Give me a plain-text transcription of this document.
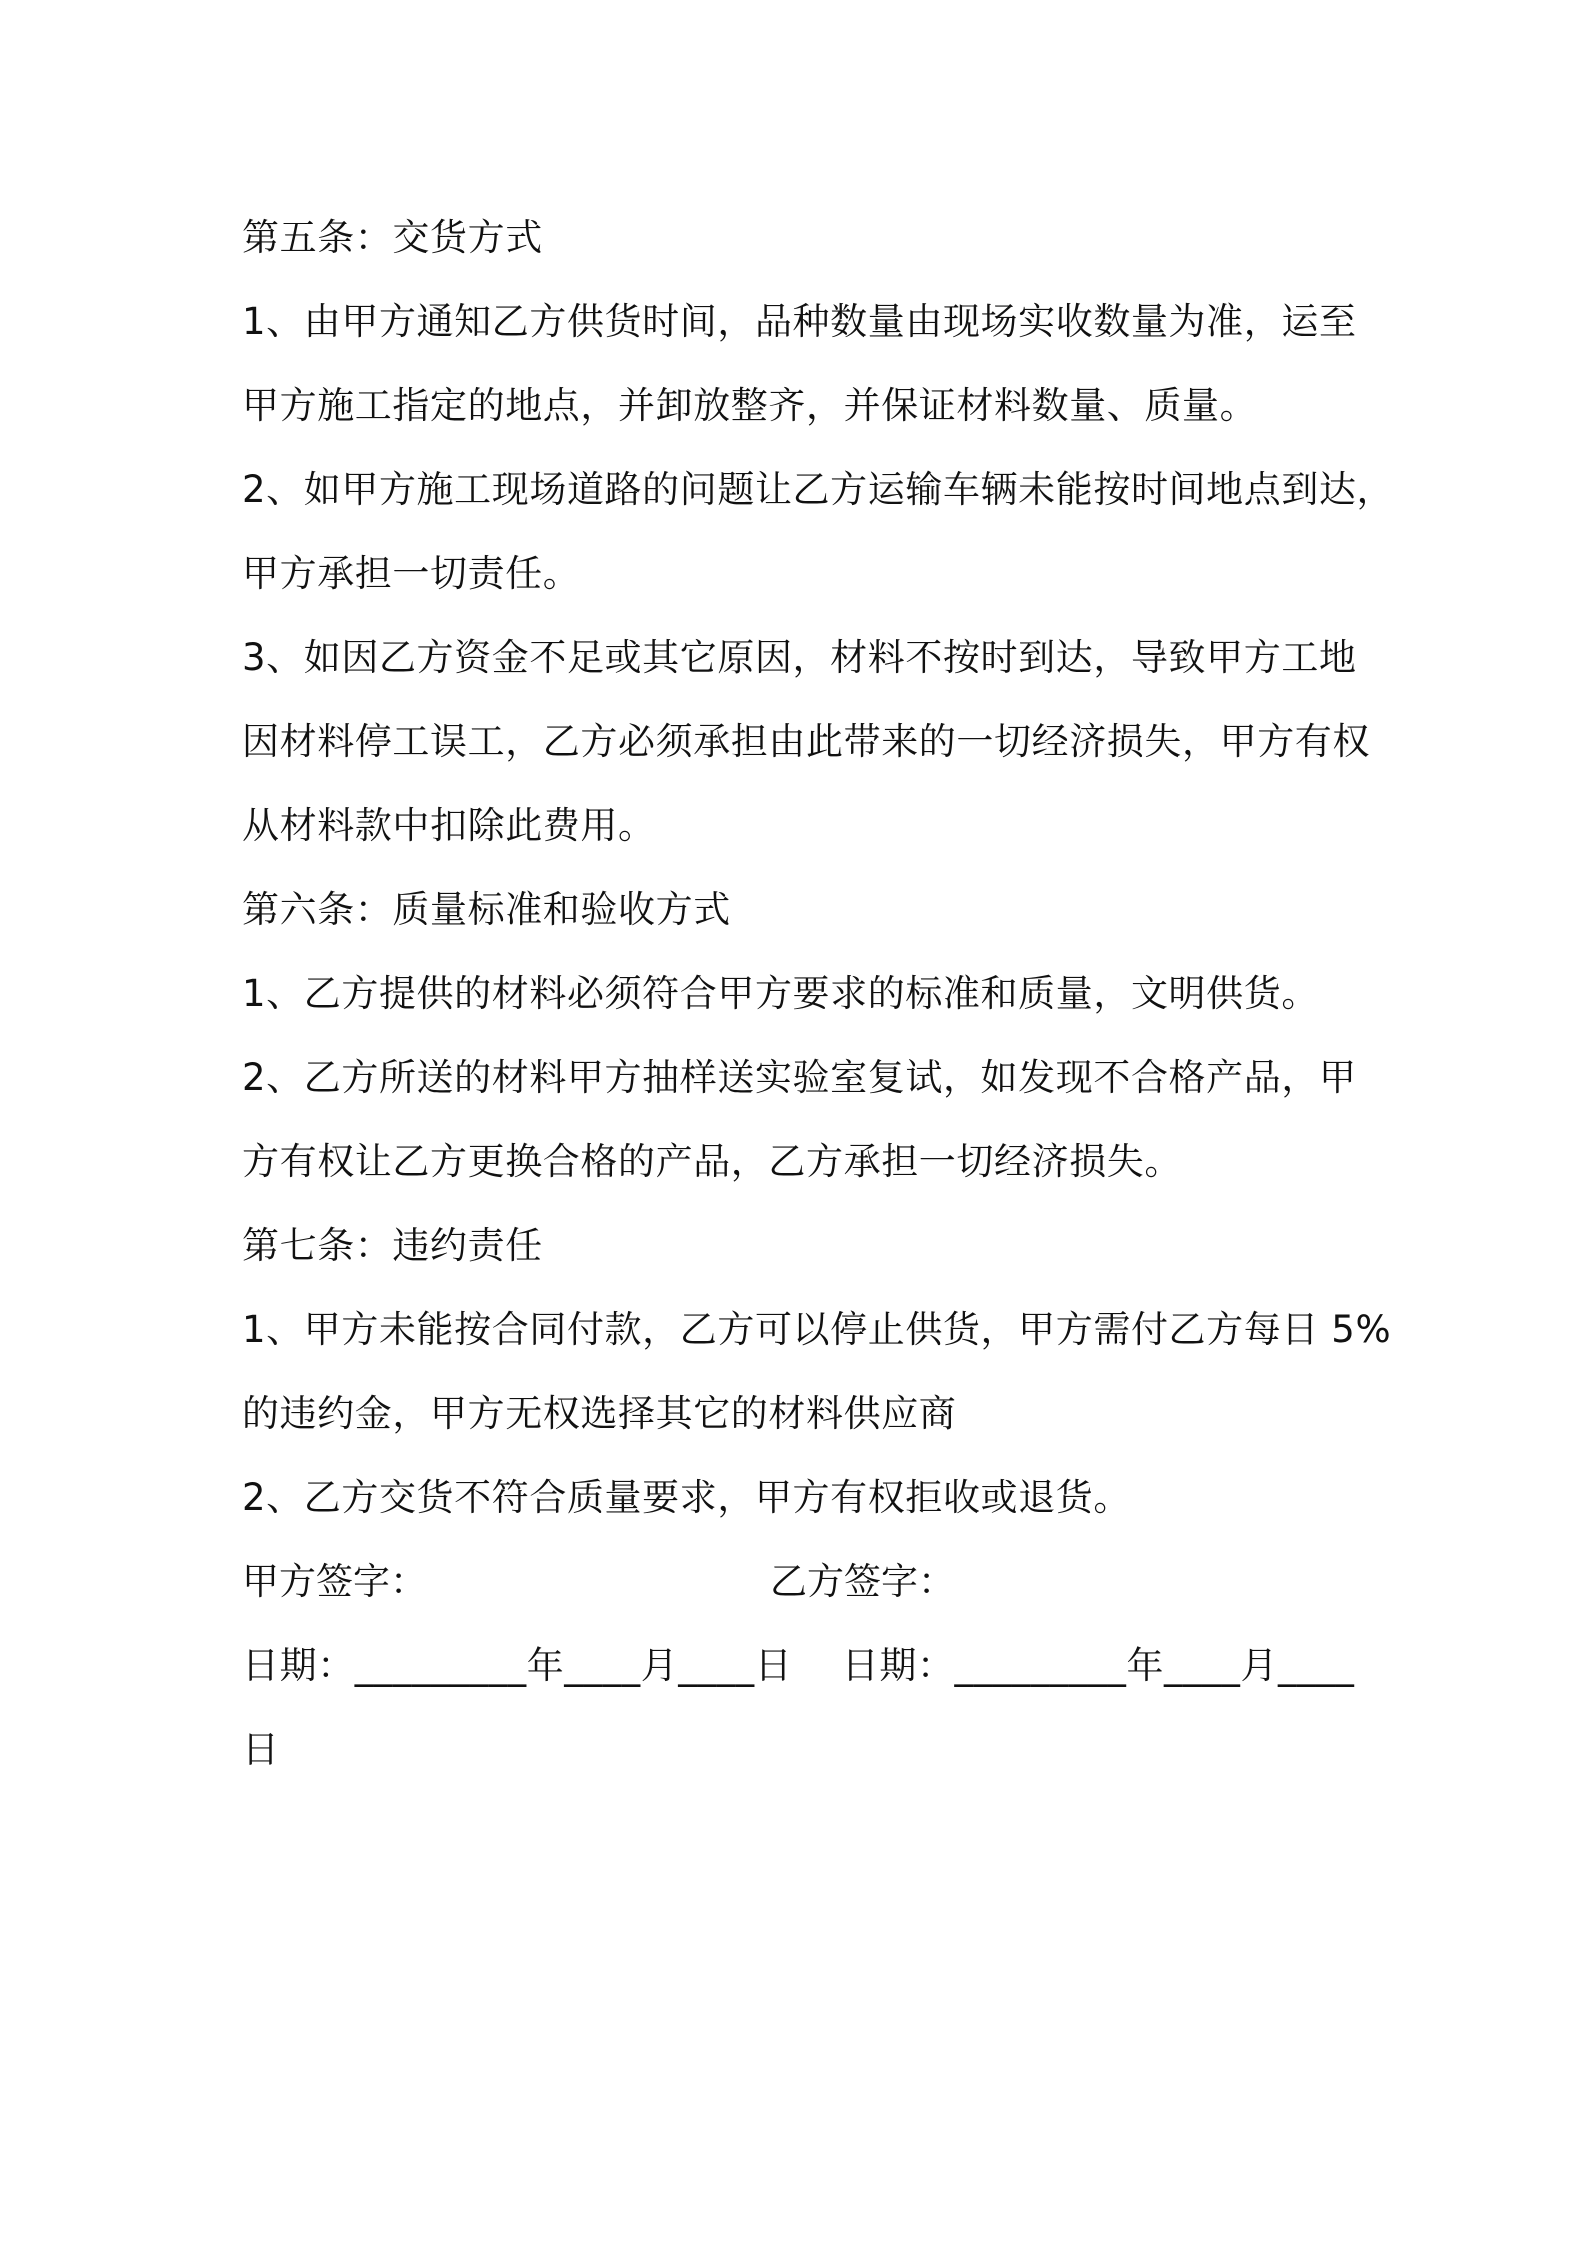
第五条：交货方式
1、由甲方通知乙方供货时间，品种数量由现场实收数量为准，运至
甲方施工指定的地点，并卸放整齐，并保证材料数量、质量。
2、如甲方施工现场道路的问题让乙方运输车辆未能按时间地点到达，
甲方承担一切责任。
3、如因乙方资金不足或其它原因，材料不按时到达，导致甲方工地
因材料停工误工，乙方必须承担由此带来的一切经济损失，甲方有权
从材料款中扣除此费用。
第六条：质量标准和验收方式
1、乙方提供的材料必须符合甲方要求的标准和质量，文明供货。
2、乙方所送的材料甲方抽样送实验室复试，如发现不合格产品，甲
方有权让乙方更换合格的产品，乙方承担一切经济损失。
第七条：违约责任
1、甲方未能按合同付款，乙方可以停止供货，甲方需付乙方每日 5%
的违约金，甲方无权选择其它的材料供应商
2、乙方交货不符合质量要求，甲方有权拒收或退货。
甲方签字：	乙方签字：
日期：_________年____月____日    日期：_________年____月____
日
